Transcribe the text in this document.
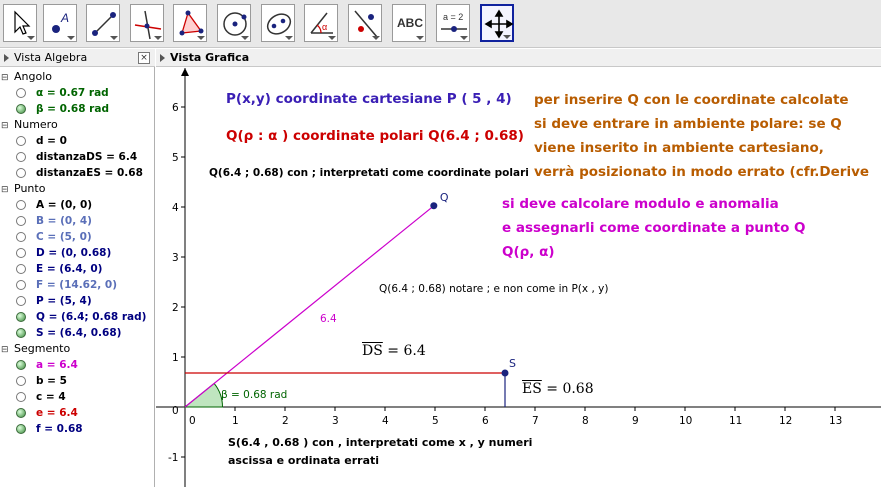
A
α	ABC a = 2
Vista Algebra	×
⊟ Angolo
α = 0.67 rad
β = 0.68 rad
⊟ Numero
d = 0
distanzaDS = 6.4
distanzaES = 0.68
⊟ Punto
A = (0, 0)
B = (0, 4)
C = (5, 0)
D = (0, 0.68)
E = (6.4, 0)
F = (14.62, 0)
P = (5, 4)
Q = (6.4; 0.68 rad)
S = (6.4, 0.68)
⊟ Segmento
a = 6.4
b = 5
c = 4
e = 6.4
f = 0.68
Vista Grafica
0	1	2	3	4	5	6	7	8	9	10	11	12	13
6
5
4
3
2
1
0
-1
β = 0.68 rad
6.4
Q
S
P(x,y) coordinate cartesiane P ( 5 , 4)
Q(ρ : α ) coordinate polari Q(6.4 ; 0.68)
Q(6.4 ; 0.68) con ; interpretati come coordinate polari
per inserire Q con le coordinate calcolate
si deve entrare in ambiente polare: se Q
viene inserito in ambiente cartesiano,
verrà posizionato in modo errato (cfr.Derive
si deve calcolare modulo e anomalia
e assegnarli come coordinate a punto Q
Q(ρ, α)
Q(6.4 ; 0.68) notare ; e non come in P(x , y)
$\overline{DS} = 6.4$
$\overline{ES} = 0.68$
S(6.4 , 0.68 ) con , interpretati come x , y numeri
ascissa e ordinata errati
